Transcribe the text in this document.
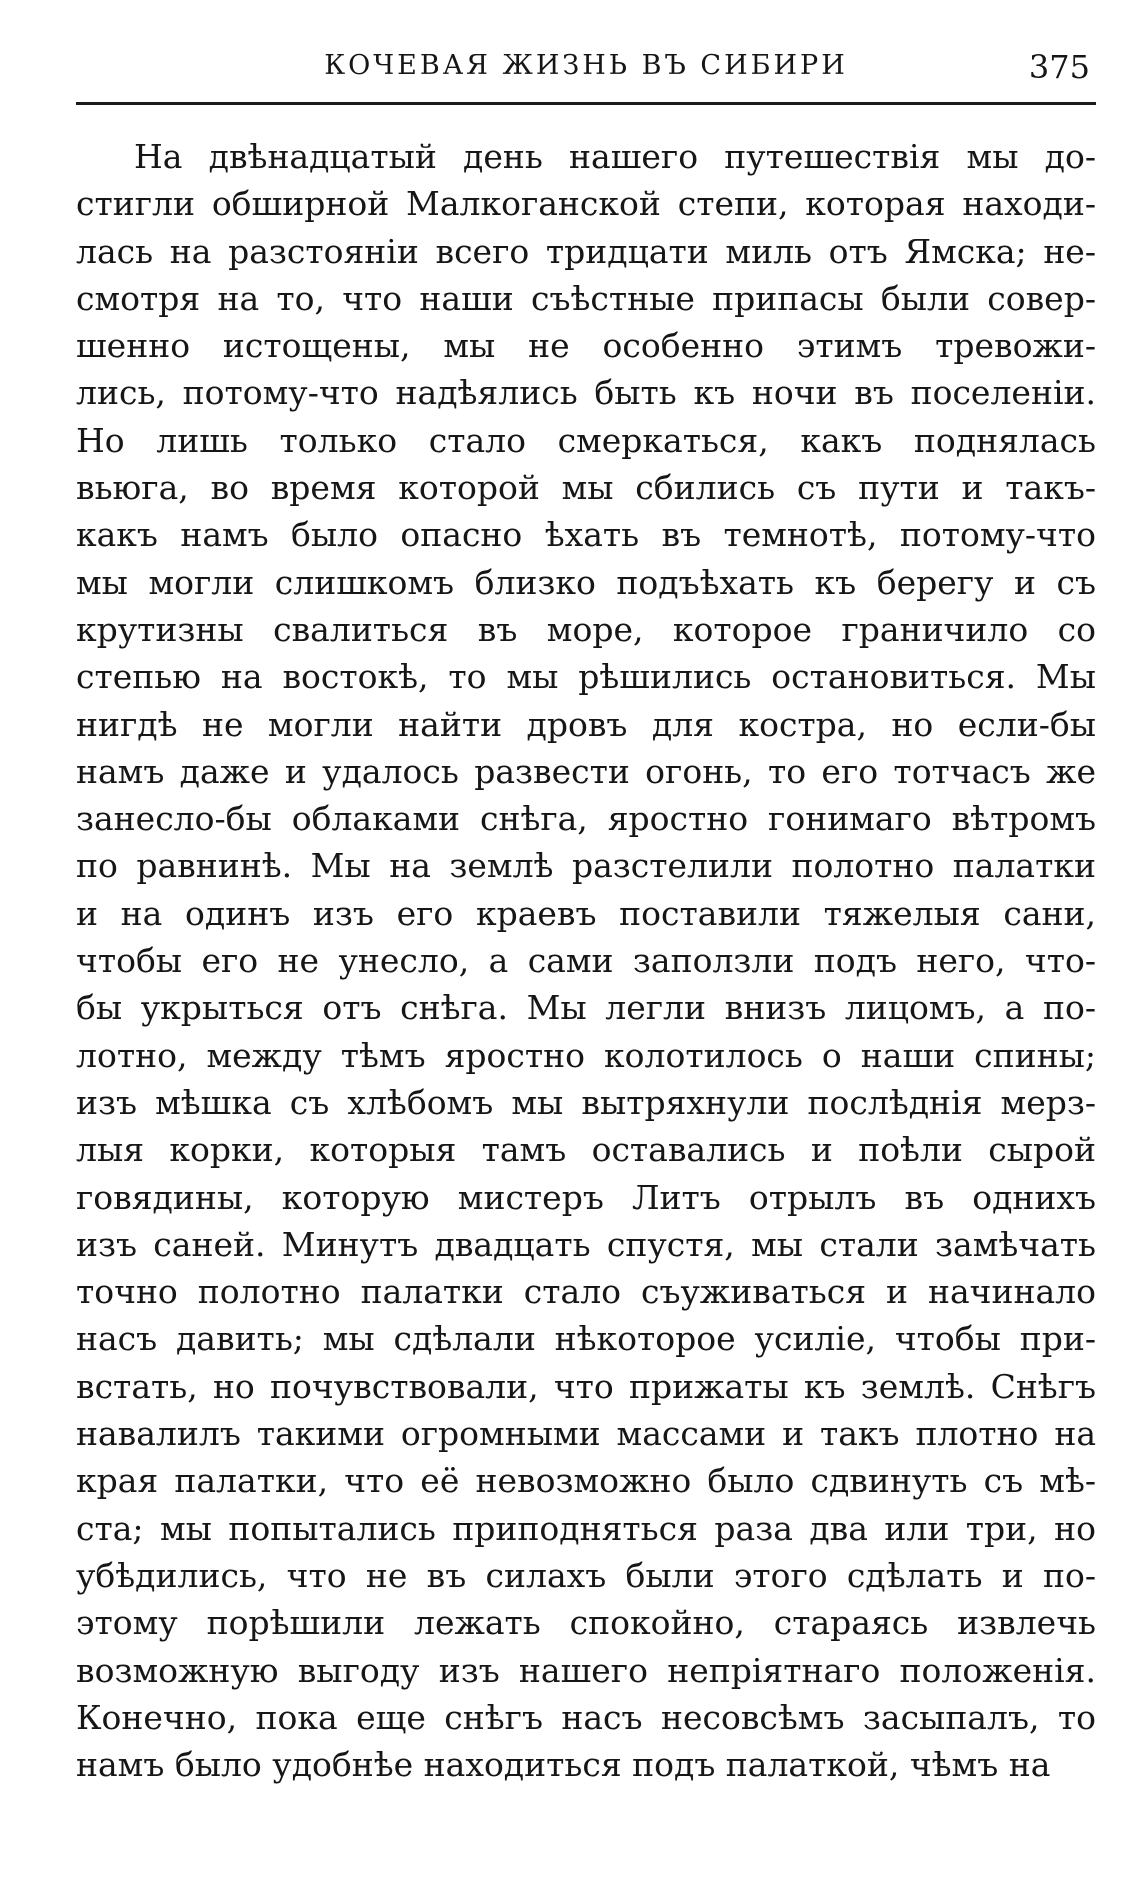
КОЧЕВАЯ ЖИЗНЬ ВЪ СИБИРИ	375
На двѣнадцатый день нашего путешествія мы до-
стигли обширной Малкоганской степи, которая находи-
лась на разстояніи всего тридцати миль отъ Ямска; не-
смотря на то, что наши съѣстные припасы были совер-
шенно истощены, мы не особенно этимъ тревожи-
лись, потому-что надѣялись быть къ ночи въ поселеніи.
Но лишь только стало смеркаться, какъ поднялась
вьюга, во время которой мы сбились съ пути и такъ-
какъ намъ было опасно ѣхать въ темнотѣ, потому-что
мы могли слишкомъ близко подъѣхать къ берегу и съ
крутизны свалиться въ море, которое граничило со
степью на востокѣ, то мы рѣшились остановиться. Мы
нигдѣ не могли найти дровъ для костра, но если-бы
намъ даже и удалось развести огонь, то его тотчасъ же
занесло-бы облаками снѣга, яростно гонимаго вѣтромъ
по равнинѣ. Мы на землѣ разстелили полотно палатки
и на одинъ изъ его краевъ поставили тяжелыя сани,
чтобы его не унесло, а сами заползли подъ него, что-
бы укрыться отъ снѣга. Мы легли внизъ лицомъ, а по-
лотно, между тѣмъ яростно колотилось о наши спины;
изъ мѣшка съ хлѣбомъ мы вытряхнули послѣднія мерз-
лыя корки, которыя тамъ оставались и поѣли сырой
говядины, которую мистеръ Литъ отрылъ въ однихъ
изъ саней. Минутъ двадцать спустя, мы стали замѣчать
точно полотно палатки стало съуживаться и начинало
насъ давить; мы сдѣлали нѣкоторое усиліе, чтобы при-
встать, но почувствовали, что прижаты къ землѣ. Снѣгъ
навалилъ такими огромными массами и такъ плотно на
края палатки, что её невозможно было сдвинуть съ мѣ-
ста; мы попытались приподняться раза два или три, но
убѣдились, что не въ силахъ были этого сдѣлать и по-
этому порѣшили лежать спокойно, стараясь извлечь
возможную выгоду изъ нашего непріятнаго положенія.
Конечно, пока еще снѣгъ насъ несовсѣмъ засыпалъ, то
намъ было удобнѣе находиться подъ палаткой, чѣмъ на
